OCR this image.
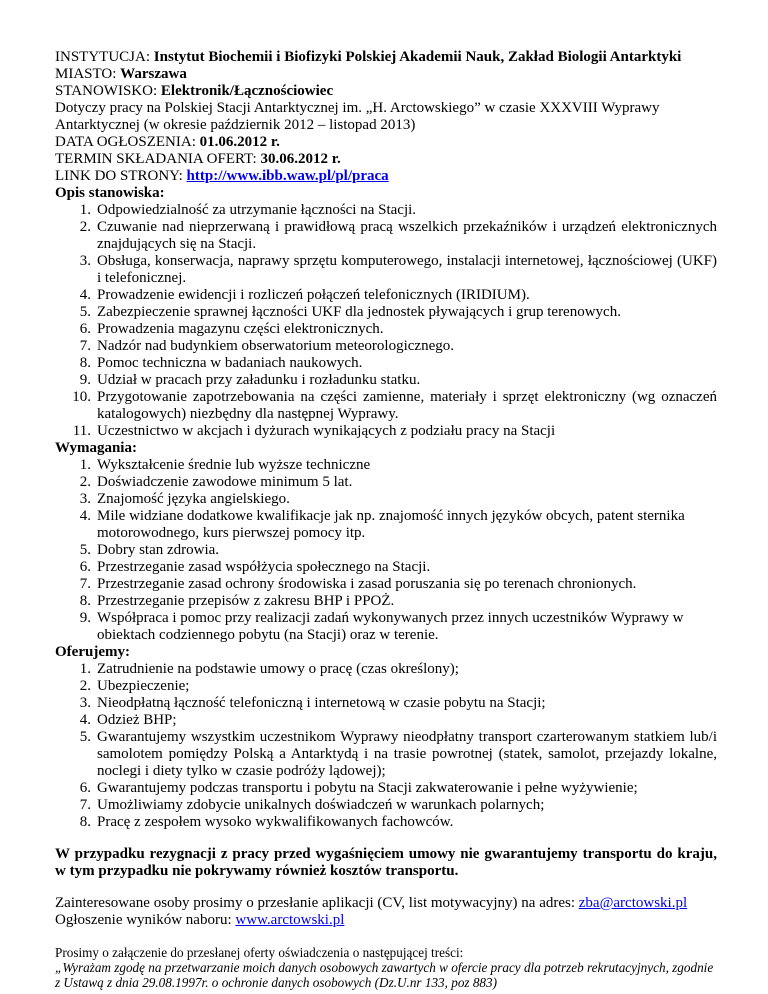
INSTYTUCJA: Instytut Biochemii i Biofizyki Polskiej Akademii Nauk, Zakład Biologii Antarktyki

MIASTO: Warszawa

STANOWISKO: Elektronik/Łącznościowiec

Dotyczy pracy na Polskiej Stacji Antarktycznej im. „H. Arctowskiego” w czasie XXXVIII Wyprawy Antarktycznej (w okresie październik 2012 – listopad 2013)

DATA OGŁOSZENIA: 01.06.2012 r.

TERMIN SKŁADANIA OFERT: 30.06.2012 r.

LINK DO STRONY: http://www.ibb.waw.pl/pl/praca

Opis stanowiska:

1. Odpowiedzialność za utrzymanie łączności na Stacji.
2. Czuwanie nad nieprzerwaną i prawidłową pracą wszelkich przekaźników i urządzeń elektronicznych znajdujących się na Stacji.
3. Obsługa, konserwacja, naprawy sprzętu komputerowego, instalacji internetowej, łącznościowej (UKF) i telefonicznej.
4. Prowadzenie ewidencji i rozliczeń połączeń telefonicznych (IRIDIUM).
5. Zabezpieczenie sprawnej łączności UKF dla jednostek pływających i grup terenowych.
6. Prowadzenia magazynu części elektronicznych.
7. Nadzór nad budynkiem obserwatorium meteorologicznego.
8. Pomoc techniczna w badaniach naukowych.
9. Udział w pracach przy załadunku i rozładunku statku.
10. Przygotowanie zapotrzebowania na części zamienne, materiały i sprzęt elektroniczny (wg oznaczeń katalogowych) niezbędny dla następnej Wyprawy.
11. Uczestnictwo w akcjach i dyżurach wynikających z podziału pracy na Stacji

Wymagania:

1. Wykształcenie średnie lub wyższe techniczne
2. Doświadczenie zawodowe minimum 5 lat.
3. Znajomość języka angielskiego.
4. Mile widziane dodatkowe kwalifikacje jak np. znajomość innych języków obcych, patent sternika motorowodnego, kurs pierwszej pomocy itp.
5. Dobry stan zdrowia.
6. Przestrzeganie zasad współżycia społecznego na Stacji.
7. Przestrzeganie zasad ochrony środowiska i zasad poruszania się po terenach chronionych.
8. Przestrzeganie przepisów z zakresu BHP i PPOŻ.
9. Współpraca i pomoc przy realizacji zadań wykonywanych przez innych uczestników Wyprawy w obiektach codziennego pobytu (na Stacji) oraz w terenie.

Oferujemy:

1. Zatrudnienie na podstawie umowy o pracę (czas określony);
2. Ubezpieczenie;
3. Nieodpłatną łączność telefoniczną i internetową w czasie pobytu na Stacji;
4. Odzież BHP;
5. Gwarantujemy wszystkim uczestnikom Wyprawy nieodpłatny transport czarterowanym statkiem lub/i samolotem pomiędzy Polską a Antarktydą i na trasie powrotnej (statek, samolot, przejazdy lokalne, noclegi i diety tylko w czasie podróży lądowej);
6. Gwarantujemy podczas transportu i pobytu na Stacji zakwaterowanie i pełne wyżywienie;
7. Umożliwiamy zdobycie unikalnych doświadczeń w warunkach polarnych;
8. Pracę z zespołem wysoko wykwalifikowanych fachowców.

W przypadku rezygnacji z pracy przed wygaśnięciem umowy nie gwarantujemy transportu do kraju, w tym przypadku nie pokrywamy również kosztów transportu.

Zainteresowane osoby prosimy o przesłanie aplikacji (CV, list motywacyjny) na adres: zba@arctowski.pl

Ogłoszenie wyników naboru: www.arctowski.pl

Prosimy o załączenie do przesłanej oferty oświadczenia o następującej treści:

„Wyrażam zgodę na przetwarzanie moich danych osobowych zawartych w ofercie pracy dla potrzeb rekrutacyjnych, zgodnie z Ustawą z dnia 29.08.1997r. o ochronie danych osobowych (Dz.U.nr 133, poz 883)
